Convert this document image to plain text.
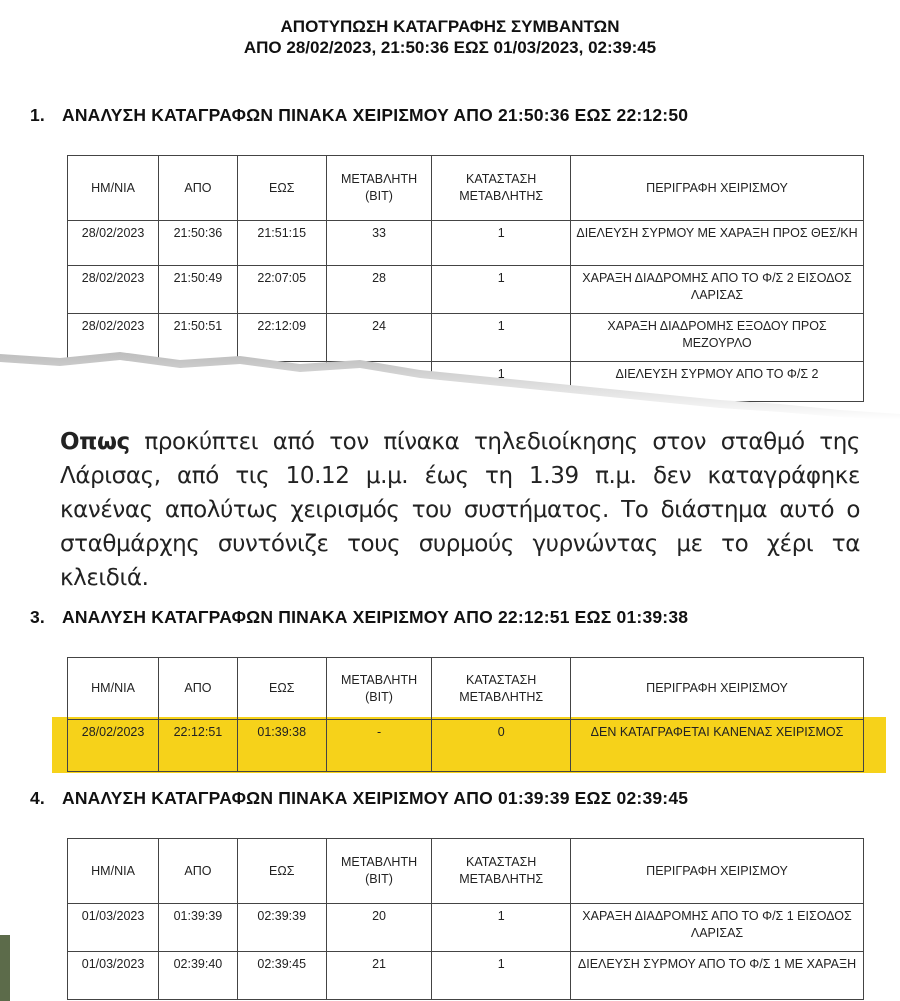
ΑΠΟΤΥΠΩΣΗ ΚΑΤΑΓΡΑΦΗΣ ΣΥΜΒΑΝΤΩΝ
ΑΠΟ 28/02/2023, 21:50:36 ΕΩΣ 01/03/2023, 02:39:45
1. ΑΝΑΛΥΣΗ ΚΑΤΑΓΡΑΦΩΝ ΠΙΝΑΚΑ ΧΕΙΡΙΣΜΟΥ ΑΠΟ 21:50:36 ΕΩΣ 22:12:50
ΗΜ/ΝΙΑ	ΑΠΟ	ΕΩΣ	ΜΕΤΑΒΛΗΤΗ (BIT)	ΚΑΤΑΣΤΑΣΗ ΜΕΤΑΒΛΗΤΗΣ	ΠΕΡΙΓΡΑΦΗ ΧΕΙΡΙΣΜΟΥ
28/02/2023	21:50:36	21:51:15	33	1	ΔΙΕΛΕΥΣΗ ΣΥΡΜΟΥ ΜΕ ΧΑΡΑΞΗ ΠΡΟΣ ΘΕΣ/ΚΗ
28/02/2023	21:50:49	22:07:05	28	1	ΧΑΡΑΞΗ ΔΙΑΔΡΟΜΗΣ ΑΠΟ ΤΟ Φ/Σ 2 ΕΙΣΟΔΟΣ ΛΑΡΙΣΑΣ
28/02/2023	21:50:51	22:12:09	24	1	ΧΑΡΑΞΗ ΔΙΑΔΡΟΜΗΣ ΕΞΟΔΟΥ ΠΡΟΣ ΜΕΖΟΥΡΛΟ
				1	ΔΙΕΛΕΥΣΗ ΣΥΡΜΟΥ ΑΠΟ ΤΟ Φ/Σ 2
Οπως προκύπτει από τον πίνακα τηλεδιοίκησης στον σταθμό της Λάρισας, από τις 10.12 μ.μ. έως τη 1.39 π.μ. δεν καταγράφηκε κανένας απολύτως χειρισμός του συστήματος. Το διάστημα αυτό ο σταθμάρχης συντόνιζε τους συρμούς γυρνώντας με το χέρι τα κλειδιά.
3. ΑΝΑΛΥΣΗ ΚΑΤΑΓΡΑΦΩΝ ΠΙΝΑΚΑ ΧΕΙΡΙΣΜΟΥ ΑΠΟ 22:12:51 ΕΩΣ 01:39:38
ΗΜ/ΝΙΑ	ΑΠΟ	ΕΩΣ	ΜΕΤΑΒΛΗΤΗ (BIT)	ΚΑΤΑΣΤΑΣΗ ΜΕΤΑΒΛΗΤΗΣ	ΠΕΡΙΓΡΑΦΗ ΧΕΙΡΙΣΜΟΥ
28/02/2023	22:12:51	01:39:38	-	0	ΔΕΝ ΚΑΤΑΓΡΑΦΕΤΑΙ ΚΑΝΕΝΑΣ ΧΕΙΡΙΣΜΟΣ
4. ΑΝΑΛΥΣΗ ΚΑΤΑΓΡΑΦΩΝ ΠΙΝΑΚΑ ΧΕΙΡΙΣΜΟΥ ΑΠΟ 01:39:39 ΕΩΣ 02:39:45
ΗΜ/ΝΙΑ	ΑΠΟ	ΕΩΣ	ΜΕΤΑΒΛΗΤΗ (BIT)	ΚΑΤΑΣΤΑΣΗ ΜΕΤΑΒΛΗΤΗΣ	ΠΕΡΙΓΡΑΦΗ ΧΕΙΡΙΣΜΟΥ
01/03/2023	01:39:39	02:39:39	20	1	ΧΑΡΑΞΗ ΔΙΑΔΡΟΜΗΣ ΑΠΟ ΤΟ Φ/Σ 1 ΕΙΣΟΔΟΣ ΛΑΡΙΣΑΣ
01/03/2023	02:39:40	02:39:45	21	1	ΔΙΕΛΕΥΣΗ ΣΥΡΜΟΥ ΑΠΟ ΤΟ Φ/Σ 1 ΜΕ ΧΑΡΑΞΗ
